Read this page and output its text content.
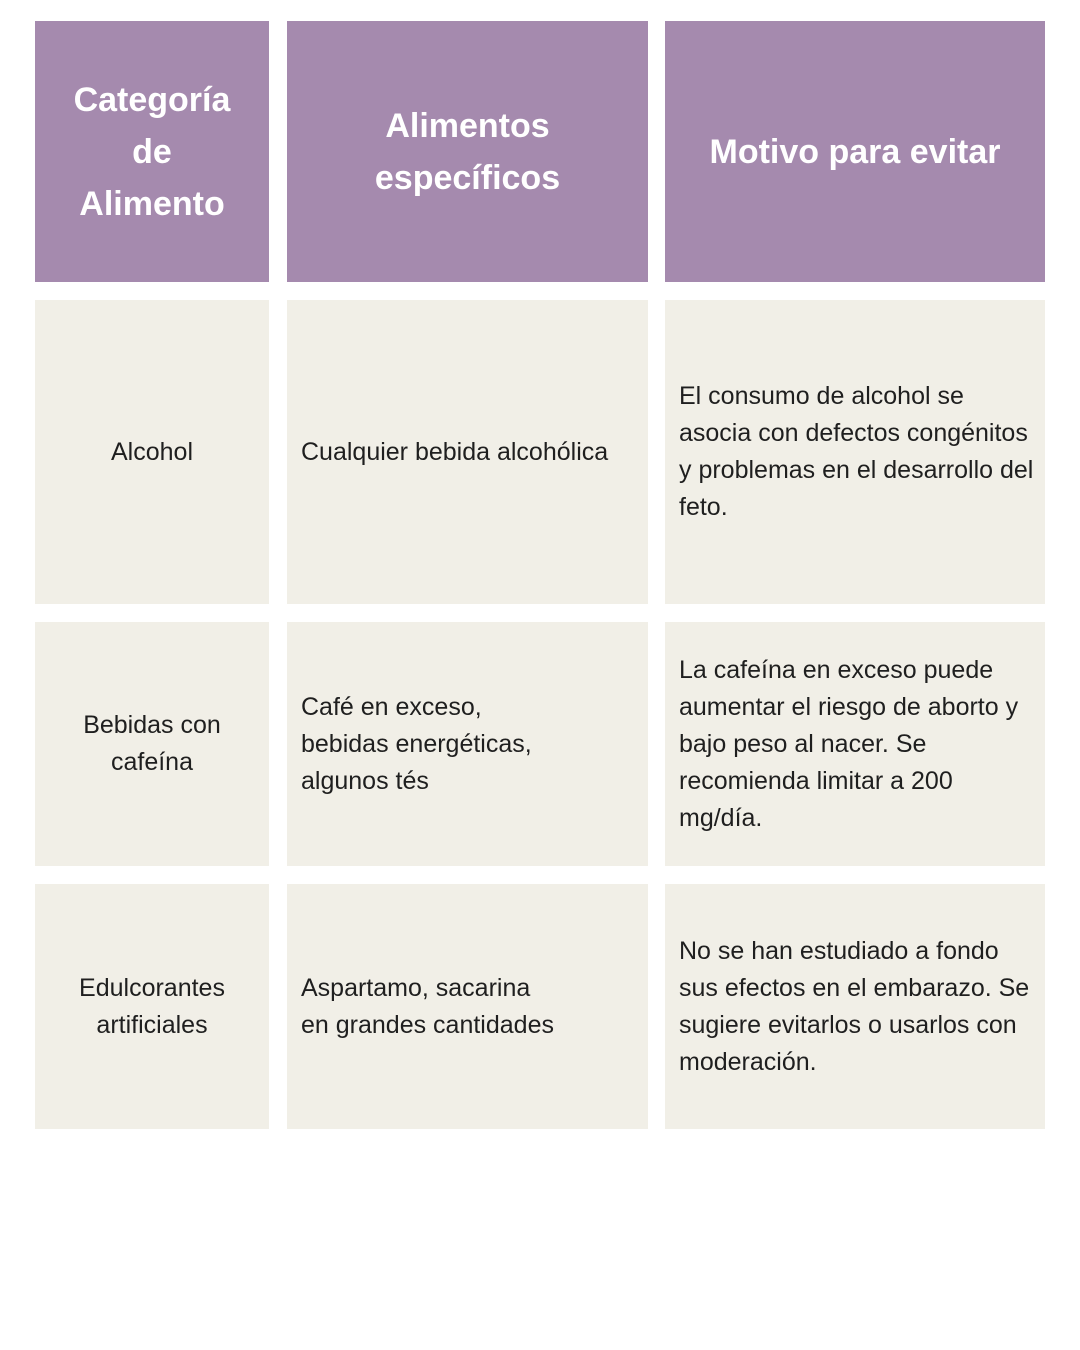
Categoría de Alimento
Alimentos específicos
Motivo para evitar
Alcohol	Cualquier bebida alcohólica
El consumo de alcohol se asocia con defectos congénitos y problemas en el desarrollo del feto.
Bebidas con cafeína
Café en exceso, bebidas energéticas, algunos tés
La cafeína en exceso puede aumentar el riesgo de aborto y bajo peso al nacer. Se recomienda limitar a 200 mg/día.
Edulcorantes artificiales
Aspartamo, sacarina en grandes cantidades
No se han estudiado a fondo sus efectos en el embarazo. Se sugiere evitarlos o usarlos con moderación.
